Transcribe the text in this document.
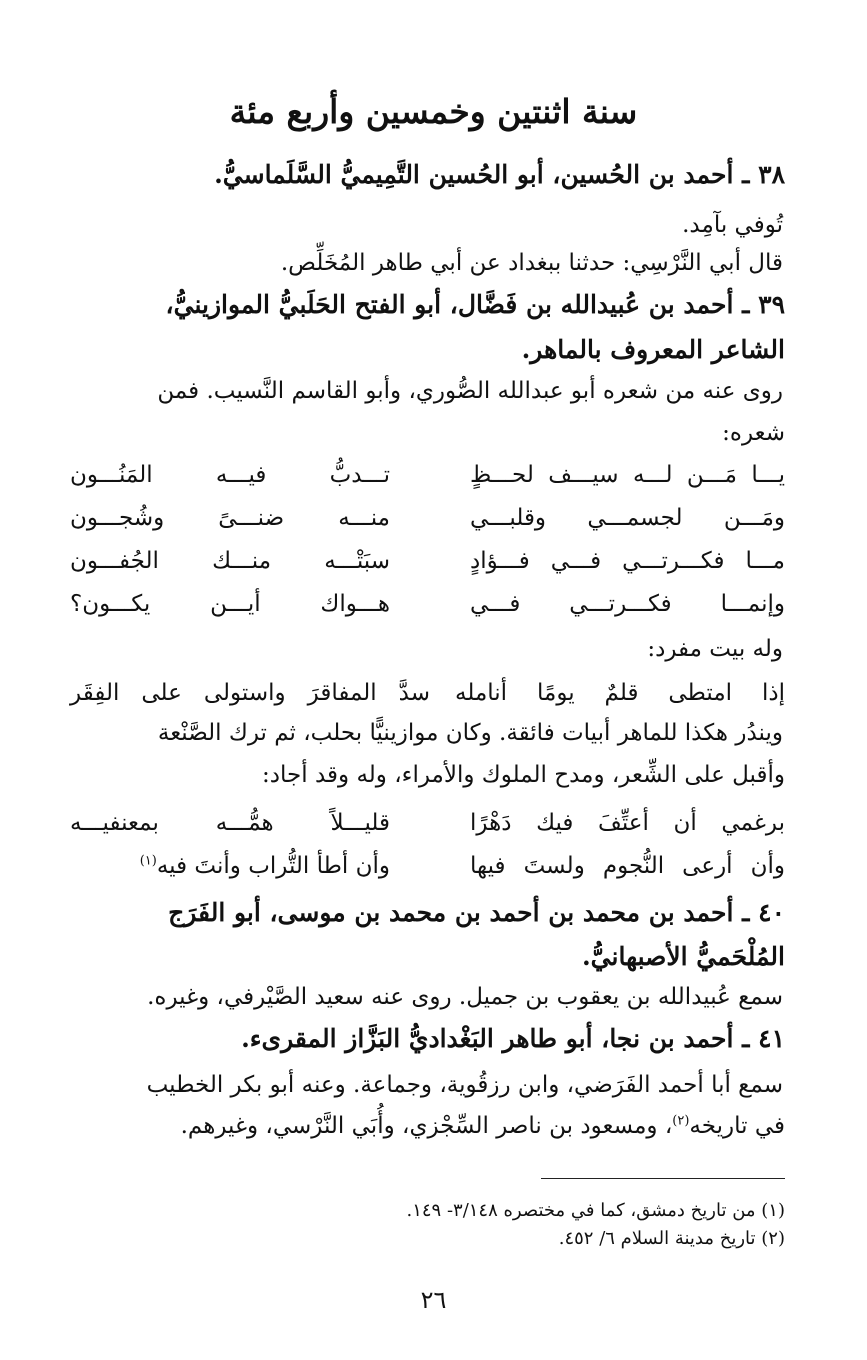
سنة اثنتين وخمسين وأربع مئة
٣٨ ـ أحمد بن الحُسين، أبو الحُسين التَّمِيميُّ السَّلَماسيُّ.
تُوفي بآمِد.
قال أبي النَّرْسِي: حدثنا ببغداد عن أبي طاهر المُخَلِّص.
٣٩ ـ أحمد بن عُبيدالله بن فَضَّال، أبو الفتح الحَلَبيُّ الموازينيُّ،
الشاعر المعروف بالماهر.
روى عنه من شعره أبو عبدالله الصُّوري، وأبو القاسم النَّسيب. فمن
شعره:
يـــا مَـــن لـــه سيـــف لحـــظٍ
تـــدبُّ فيـــه المَنُـــون
ومَـــن لجسمـــي وقلبـــي
منـــه ضنـــىً وشُجـــون
مـــا فكـــرتـــي فـــي فـــؤادٍ
سبَتْـــه منـــك الجُفـــون
وإنمـــا فكـــرتـــي فـــي
هـــواك أيـــن يكـــون؟
وله بيت مفرد:
إذا امتطى قلمٌ يومًا أنامله
سدَّ المفاقرَ واستولى على الفِقَر
ويندُر هكذا للماهر أبيات فائقة. وكان موازينيًّا بحلب، ثم ترك الصَّنْعة
وأقبل على الشِّعر، ومدح الملوك والأمراء، وله وقد أجاد:
برغمي أن أعتِّفَ فيك دَهْرًا
قليـــلاً همُّـــه بمعنفيـــه
وأن أرعى النُّجوم ولستَ فيها
وأن أطأ التُّراب وأنتَ فيه$^{(١)}$
٤٠ ـ أحمد بن محمد بن أحمد بن محمد بن موسى، أبو الفَرَج
المُلْحَميُّ الأصبهانيُّ.
سمع عُبيدالله بن يعقوب بن جميل. روى عنه سعيد الصَّيْرفي، وغيره.
٤١ ـ أحمد بن نجا، أبو طاهر البَغْداديُّ البَزَّاز المقرىء.
سمع أبا أحمد الفَرَضي، وابن رزقُوية، وجماعة. وعنه أبو بكر الخطيب
في تاريخه$^{(٢)}$، ومسعود بن ناصر السِّجْزي، وأُبَي النَّرْسي، وغيرهم.
(١) من تاريخ دمشق، كما في مختصره ٣/١٤٨- ١٤٩.
(٢) تاريخ مدينة السلام ٦/ ٤٥٢.
٢٦
